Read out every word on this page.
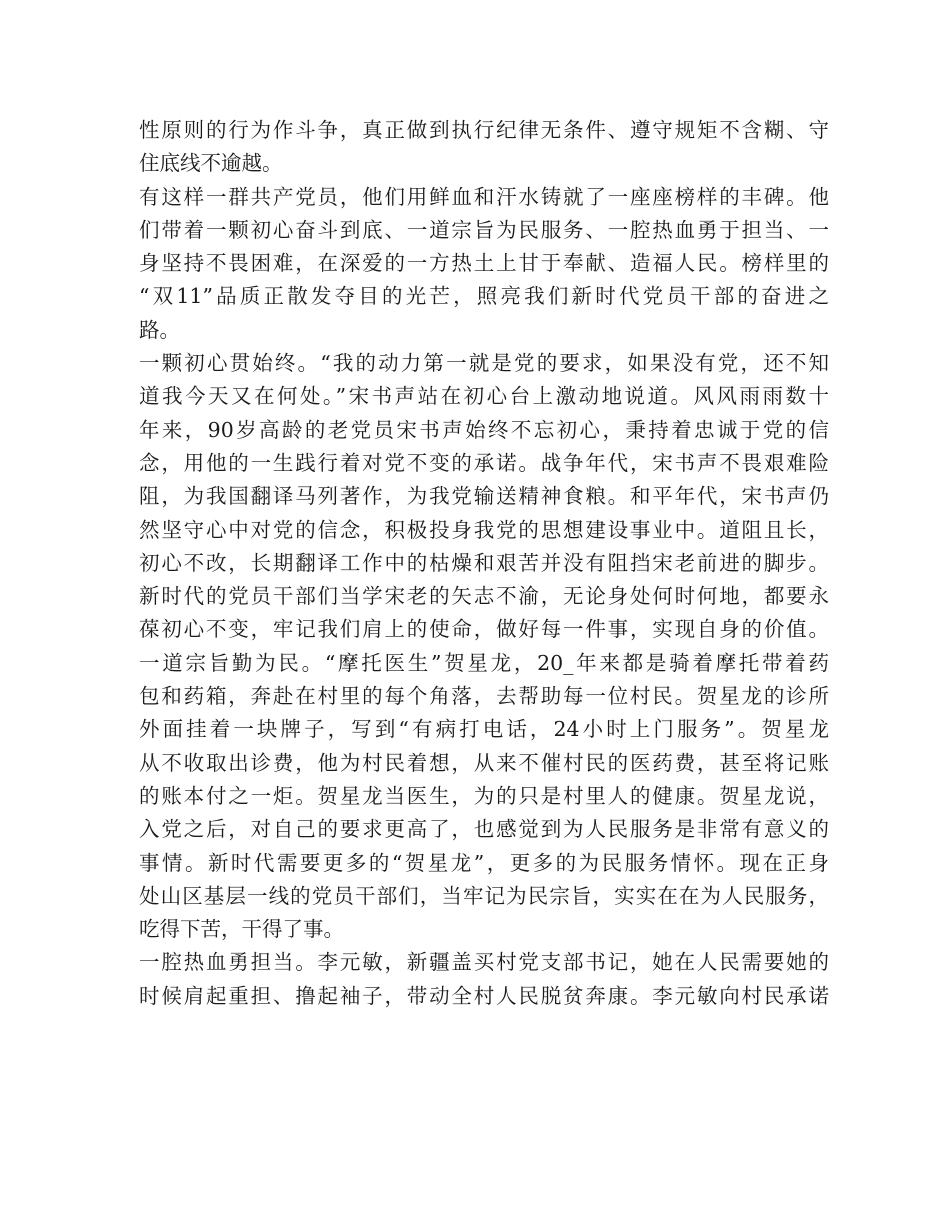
性原则的行为作斗争，真正做到执行纪律无条件、遵守规矩不含糊、守
住底线不逾越。
有这样一群共产党员，他们用鲜血和汗水铸就了一座座榜样的丰碑。他
们带着一颗初心奋斗到底、一道宗旨为民服务、一腔热血勇于担当、一
身坚持不畏困难，在深爱的一方热土上甘于奉献、造福人民。榜样里的
“双11”品质正散发夺目的光芒，照亮我们新时代党员干部的奋进之
路。
一颗初心贯始终。“我的动力第一就是党的要求，如果没有党，还不知
道我今天又在何处。”宋书声站在初心台上激动地说道。风风雨雨数十
年来，90岁高龄的老党员宋书声始终不忘初心，秉持着忠诚于党的信
念，用他的一生践行着对党不变的承诺。战争年代，宋书声不畏艰难险
阻，为我国翻译马列著作，为我党输送精神食粮。和平年代，宋书声仍
然坚守心中对党的信念，积极投身我党的思想建设事业中。道阻且长，
初心不改，长期翻译工作中的枯燥和艰苦并没有阻挡宋老前进的脚步。
新时代的党员干部们当学宋老的矢志不渝，无论身处何时何地，都要永
葆初心不变，牢记我们肩上的使命，做好每一件事，实现自身的价值。
一道宗旨勤为民。“摩托医生”贺星龙，20_年来都是骑着摩托带着药
包和药箱，奔赴在村里的每个角落，去帮助每一位村民。贺星龙的诊所
外面挂着一块牌子，写到“有病打电话，24小时上门服务”。贺星龙
从不收取出诊费，他为村民着想，从来不催村民的医药费，甚至将记账
的账本付之一炬。贺星龙当医生，为的只是村里人的健康。贺星龙说，
入党之后，对自己的要求更高了，也感觉到为人民服务是非常有意义的
事情。新时代需要更多的“贺星龙”，更多的为民服务情怀。现在正身
处山区基层一线的党员干部们，当牢记为民宗旨，实实在在为人民服务，
吃得下苦，干得了事。
一腔热血勇担当。李元敏，新疆盖买村党支部书记，她在人民需要她的
时候肩起重担、撸起袖子，带动全村人民脱贫奔康。李元敏向村民承诺
